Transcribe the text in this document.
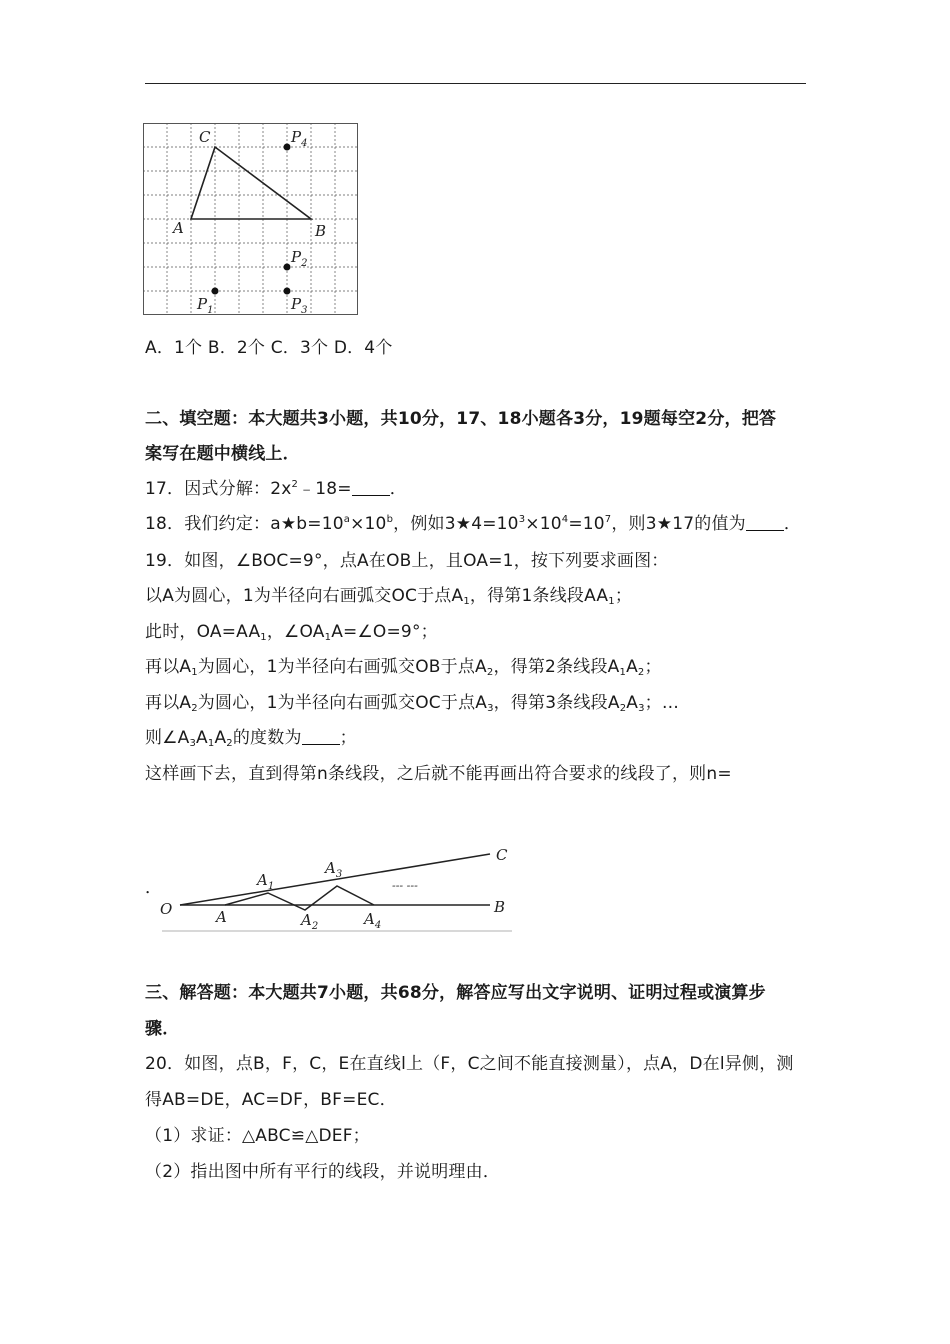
C
A	B
$P_4$
$P_2$
$P_1$	$P_3$
A．1个 B．2个 C．3个 D．4个
二、填空题：本大题共3小题，共10分，17、18小题各3分，19题每空2分，把答
案写在题中横线上．
17．因式分解：$2x^2﹣18=$ ．
18．我们约定：$a★b=10^a\times 10^b$，例如$3★4=10^3\times 10^4=10^7$，则3★17的值为 ．
19．如图，∠BOC=9°，点A在OB上，且OA=1，按下列要求画图：
以A为圆心，1为半径向右画弧交OC于点$A_1$，得第1条线段$AA_1$；
此时，$OA=AA_1$，$\angle OA_1A=\angle O=9^\circ$；
再以$A_1$为圆心，1为半径向右画弧交OB于点$A_2$，得第2条线段$A_1A_2$；
再以$A_2$为圆心，1为半径向右画弧交OC于点$A_3$，得第3条线段$A_2A_3$；…
则$\angle A_3A_1A_2$的度数为 ；
这样画下去，直到得第n条线段，之后就不能再画出符合要求的线段了，则n=
．
O	A
$A_1$
$A_2$
$A_3$
$A_4$
--- ---
B
C
三、解答题：本大题共7小题，共68分，解答应写出文字说明、证明过程或演算步
骤．
20．如图，点B，F，C，E在直线l上（F，C之间不能直接测量），点A，D在l异侧，测
得AB=DE，AC=DF，BF=EC．
（1）求证：△ABC≌△DEF；
（2）指出图中所有平行的线段，并说明理由．
